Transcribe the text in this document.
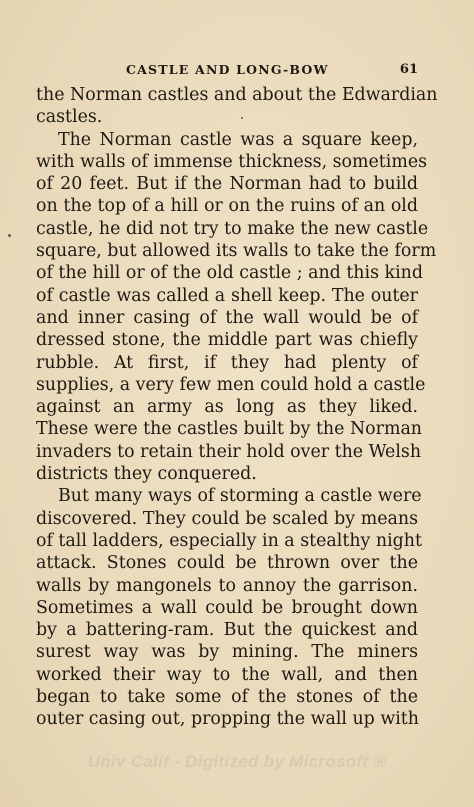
CASTLE AND LONG-BOW	61
the Norman castles and about the Edwardian
castles.
The Norman castle was a square keep,
with walls of immense thickness, sometimes
of 20 feet. But if the Norman had to build
on the top of a hill or on the ruins of an old
castle, he did not try to make the new castle
square, but allowed its walls to take the form
of the hill or of the old castle ; and this kind
of castle was called a shell keep. The outer
and inner casing of the wall would be of
dressed stone, the middle part was chiefly
rubble. At first, if they had plenty of
supplies, a very few men could hold a castle
against an army as long as they liked.
These were the castles built by the Norman
invaders to retain their hold over the Welsh
districts they conquered.
But many ways of storming a castle were
discovered. They could be scaled by means
of tall ladders, especially in a stealthy night
attack. Stones could be thrown over the
walls by mangonels to annoy the garrison.
Sometimes a wall could be brought down
by a battering-ram. But the quickest and
surest way was by mining. The miners
worked their way to the wall, and then
began to take some of the stones of the
outer casing out, propping the wall up with
Univ Calif - Digitized by Microsoft ®
